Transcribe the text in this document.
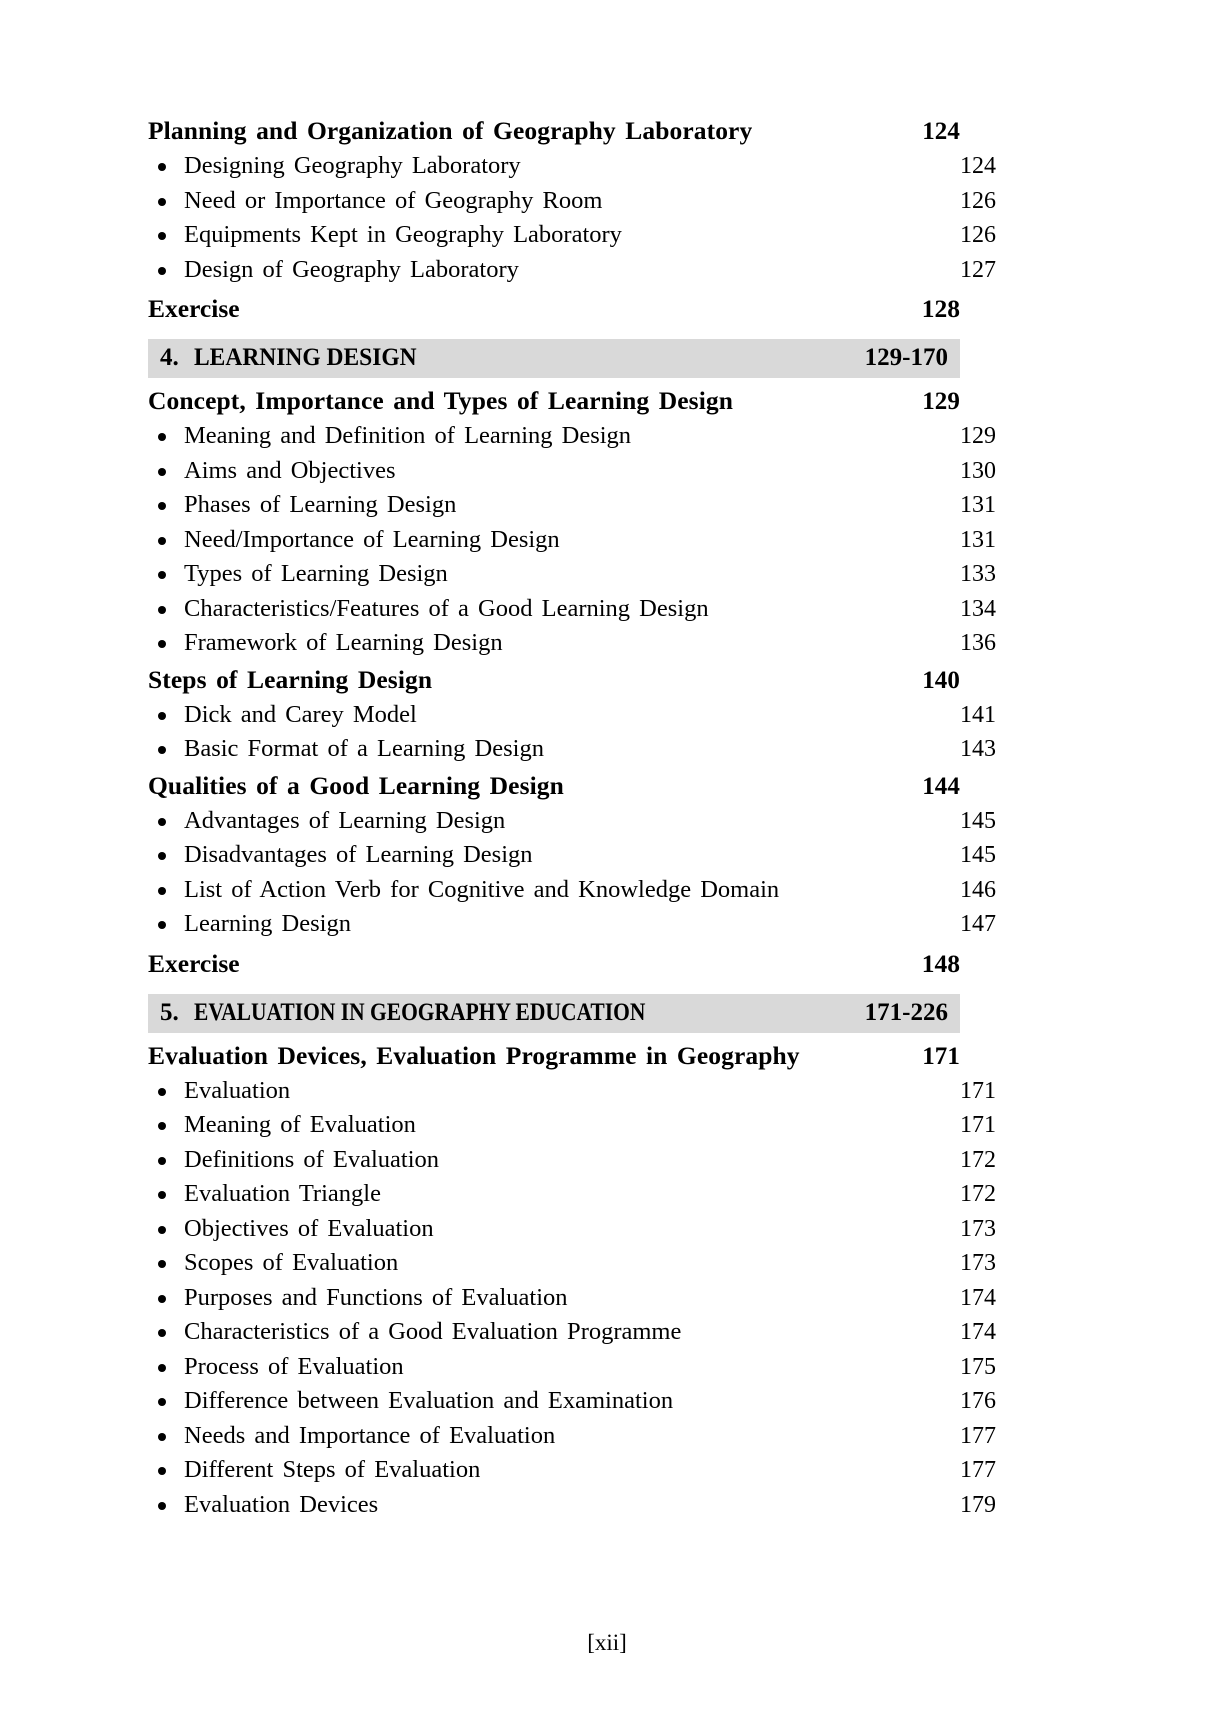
Planning and Organization of Geography Laboratory	124
Designing Geography Laboratory	124
Need or Importance of Geography Room	126
Equipments Kept in Geography Laboratory	126
Design of Geography Laboratory	127
Exercise	128
4. LEARNING DESIGN	129-170
Concept, Importance and Types of Learning Design	129
Meaning and Definition of Learning Design	129
Aims and Objectives	130
Phases of Learning Design	131
Need/Importance of Learning Design	131
Types of Learning Design	133
Characteristics/Features of a Good Learning Design	134
Framework of Learning Design	136
Steps of Learning Design	140
Dick and Carey Model	141
Basic Format of a Learning Design	143
Qualities of a Good Learning Design	144
Advantages of Learning Design	145
Disadvantages of Learning Design	145
List of Action Verb for Cognitive and Knowledge Domain	146
Learning Design	147
Exercise	148
5. EVALUATION IN GEOGRAPHY EDUCATION	171-226
Evaluation Devices, Evaluation Programme in Geography	171
Evaluation	171
Meaning of Evaluation	171
Definitions of Evaluation	172
Evaluation Triangle	172
Objectives of Evaluation	173
Scopes of Evaluation	173
Purposes and Functions of Evaluation	174
Characteristics of a Good Evaluation Programme	174
Process of Evaluation	175
Difference between Evaluation and Examination	176
Needs and Importance of Evaluation	177
Different Steps of Evaluation	177
Evaluation Devices	179
[xii]
